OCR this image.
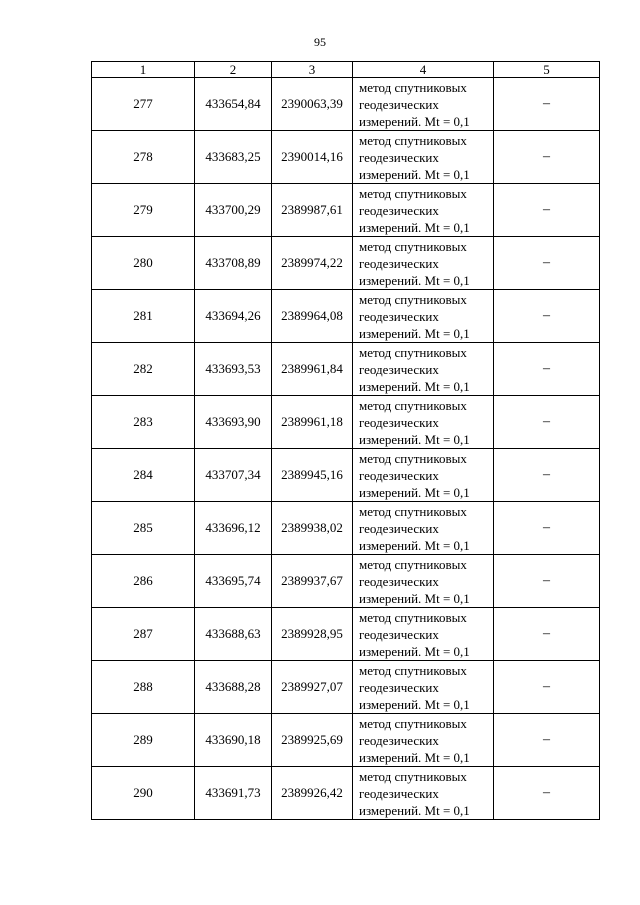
95
1	2	3	4	5
277	433654,84	2390063,39	метод спутниковых
геодезических
измерений. Mt = 0,1	–
278	433683,25	2390014,16	метод спутниковых
геодезических
измерений. Mt = 0,1	–
279	433700,29	2389987,61	метод спутниковых
геодезических
измерений. Mt = 0,1	–
280	433708,89	2389974,22	метод спутниковых
геодезических
измерений. Mt = 0,1	–
281	433694,26	2389964,08	метод спутниковых
геодезических
измерений. Mt = 0,1	–
282	433693,53	2389961,84	метод спутниковых
геодезических
измерений. Mt = 0,1	–
283	433693,90	2389961,18	метод спутниковых
геодезических
измерений. Mt = 0,1	–
284	433707,34	2389945,16	метод спутниковых
геодезических
измерений. Mt = 0,1	–
285	433696,12	2389938,02	метод спутниковых
геодезических
измерений. Mt = 0,1	–
286	433695,74	2389937,67	метод спутниковых
геодезических
измерений. Mt = 0,1	–
287	433688,63	2389928,95	метод спутниковых
геодезических
измерений. Mt = 0,1	–
288	433688,28	2389927,07	метод спутниковых
геодезических
измерений. Mt = 0,1	–
289	433690,18	2389925,69	метод спутниковых
геодезических
измерений. Mt = 0,1	–
290	433691,73	2389926,42	метод спутниковых
геодезических
измерений. Mt = 0,1	–
